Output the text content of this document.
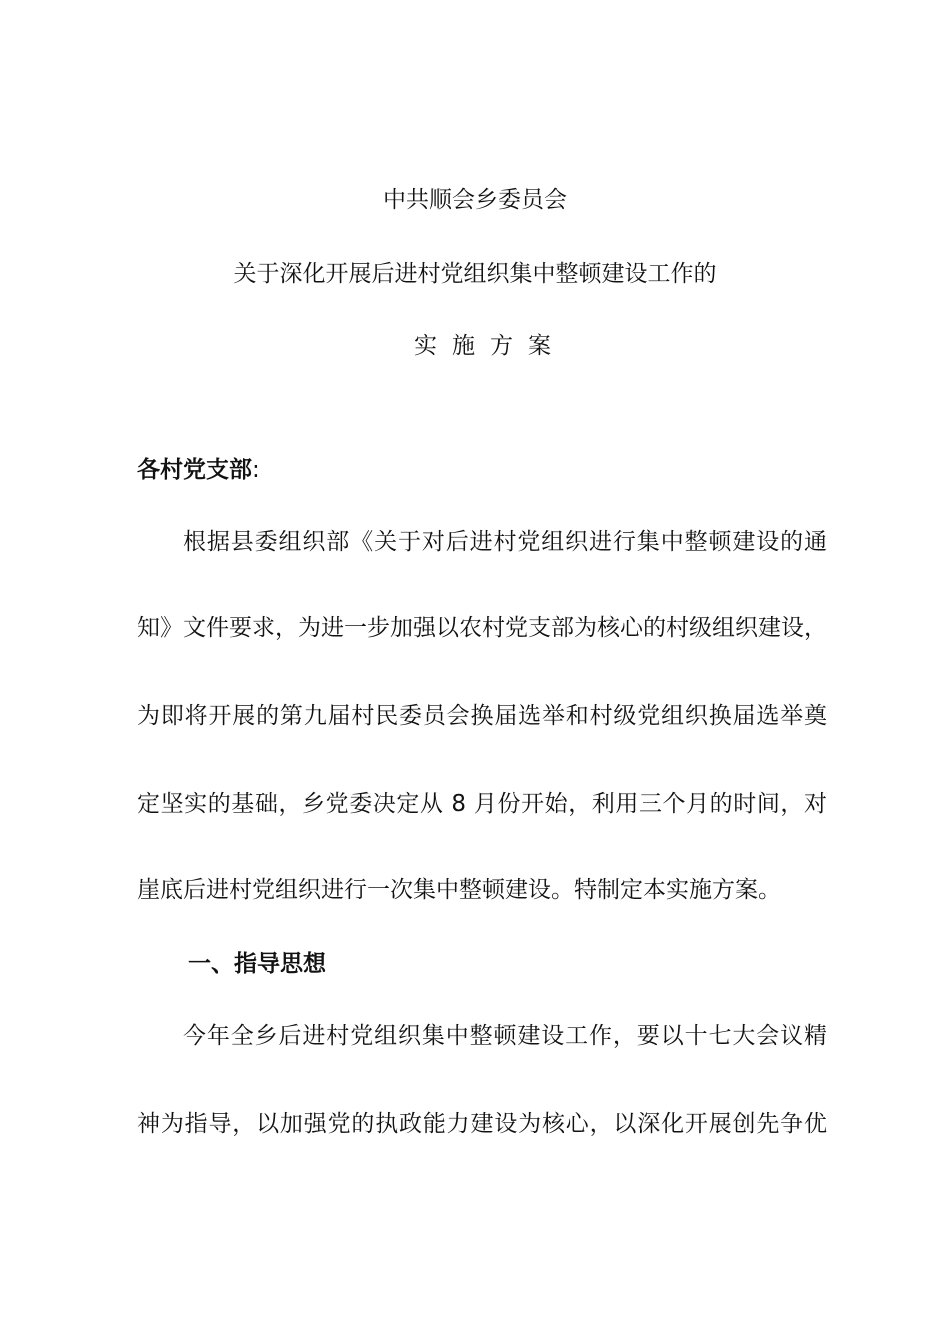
中共顺会乡委员会

关于深化开展后进村党组织集中整顿建设工作的

实施方案

各村党支部:

根据县委组织部《关于对后进村党组织进行集中整顿建设的通

知》文件要求，为进一步加强以农村党支部为核心的村级组织建设，

为即将开展的第九届村民委员会换届选举和村级党组织换届选举奠

定坚实的基础，乡党委决定从 8 月份开始，利用三个月的时间，对

崖底后进村党组织进行一次集中整顿建设。特制定本实施方案。

一、指导思想

今年全乡后进村党组织集中整顿建设工作，要以十七大会议精

神为指导，以加强党的执政能力建设为核心，以深化开展创先争优
